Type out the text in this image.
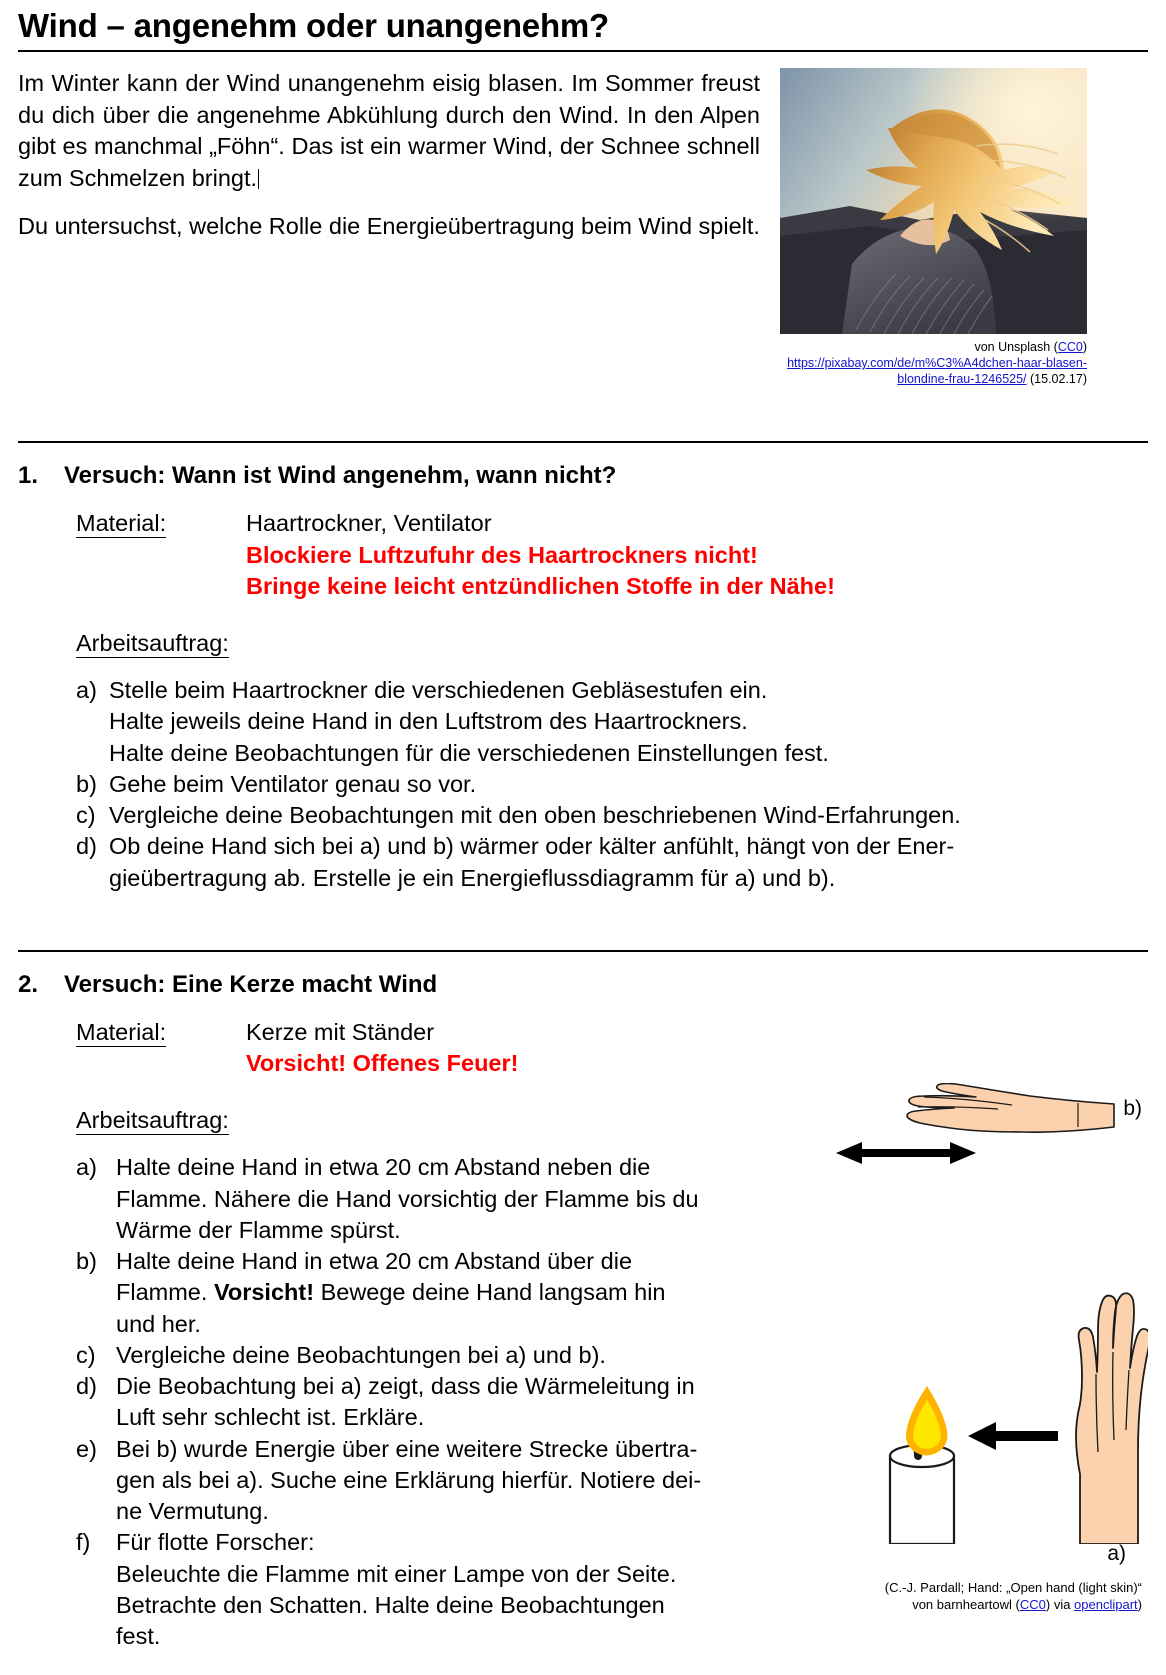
Wind – angenehm oder unangenehm?

Im Winter kann der Wind unangenehm eisig blasen. Im Sommer freust du dich über die angenehme Abkühlung durch den Wind. In den Alpen gibt es manchmal „Föhn“. Das ist ein warmer Wind, der Schnee schnell zum Schmelzen bringt.

Du untersuchst, welche Rolle die Energieübertragung beim Wind spielt.

von Unsplash (CC0) https://pixabay.com/de/m%C3%A4dchen-haar-blasen-blondine-frau-1246525/ (15.02.17)
1.	Versuch: Wann ist Wind angenehm, wann nicht?
Material:	Haartrockner, Ventilator
Blockiere Luftzufuhr des Haartrockners nicht!
Bringe keine leicht entzündlichen Stoffe in der Nähe!
Arbeitsauftrag:
a) Stelle beim Haartrockner die verschiedenen Gebläsestufen ein.
Halte jeweils deine Hand in den Luftstrom des Haartrockners.
Halte deine Beobachtungen für die verschiedenen Einstellungen fest.
b) Gehe beim Ventilator genau so vor.
c) Vergleiche deine Beobachtungen mit den oben beschriebenen Wind-Erfahrungen.
d) Ob deine Hand sich bei a) und b) wärmer oder kälter anfühlt, hängt von der Ener-
gieübertragung ab. Erstelle je ein Energieflussdiagramm für a) und b).
2.	Versuch: Eine Kerze macht Wind
Material:	Kerze mit Ständer
Vorsicht! Offenes Feuer!
Arbeitsauftrag:
a) Halte deine Hand in etwa 20 cm Abstand neben die
Flamme. Nähere die Hand vorsichtig der Flamme bis du
Wärme der Flamme spürst.
b) Halte deine Hand in etwa 20 cm Abstand über die
Flamme. Vorsicht! Bewege deine Hand langsam hin
und her.
c) Vergleiche deine Beobachtungen bei a) und b).
d) Die Beobachtung bei a) zeigt, dass die Wärmeleitung in
Luft sehr schlecht ist. Erkläre.
e) Bei b) wurde Energie über eine weitere Strecke übertra-
gen als bei a). Suche eine Erklärung hierfür. Notiere dei-
ne Vermutung.
f)	Für flotte Forscher:
Beleuchte die Flamme mit einer Lampe von der Seite.
Betrachte den Schatten. Halte deine Beobachtungen
fest.
b)
a)
(C.-J. Pardall; Hand: „Open hand (light skin)“
von barnheartowl (CC0) via openclipart)
